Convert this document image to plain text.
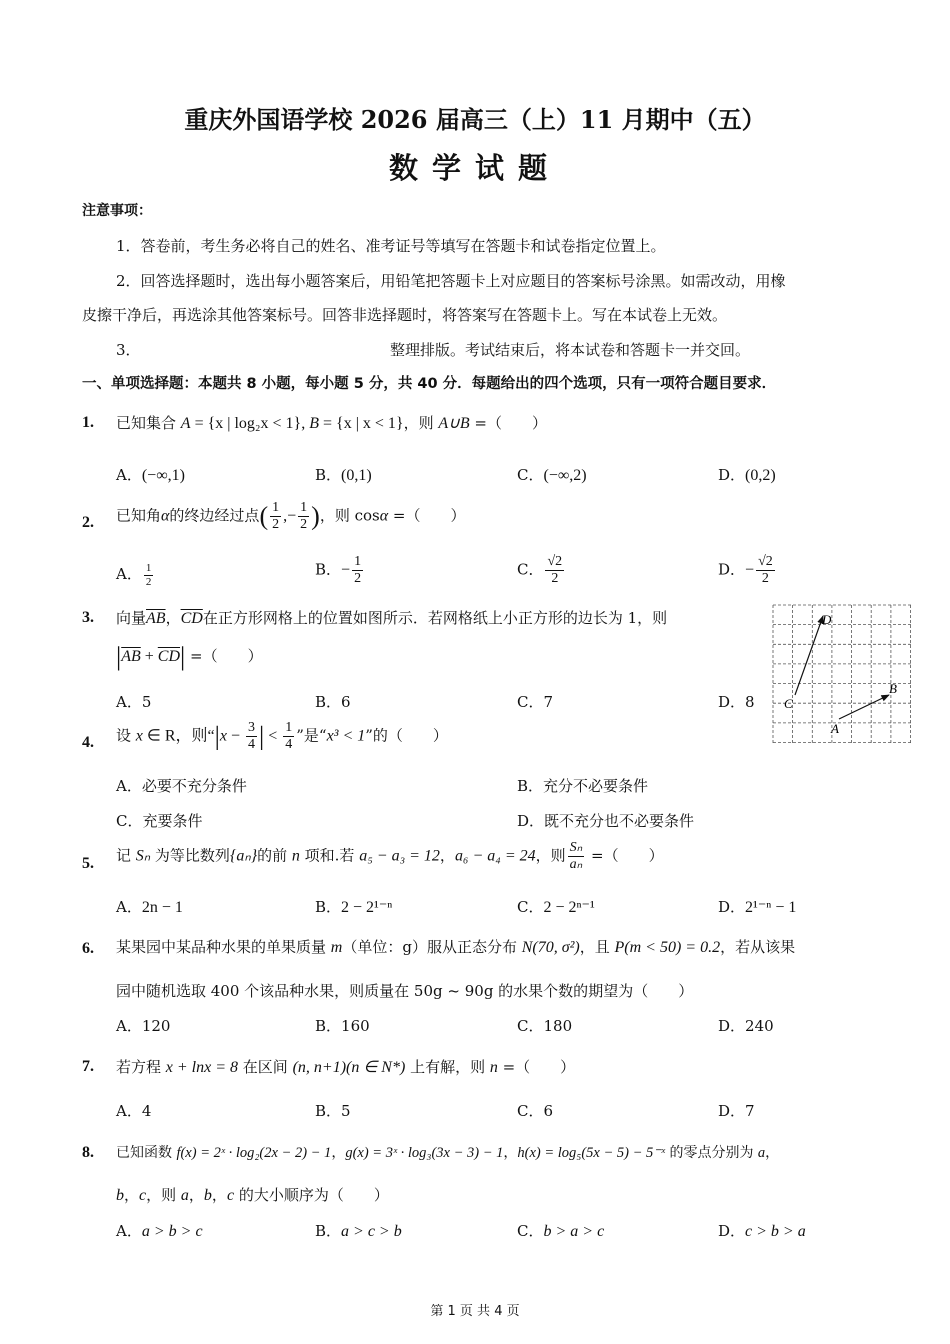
重庆外国语学校 2026 届高三（上）11 月期中（五）
数学试题
注意事项：
1．答卷前，考生务必将自己的姓名、准考证号等填写在答题卡和试卷指定位置上。
2．回答选择题时，选出每小题答案后，用铅笔把答题卡上对应题目的答案标号涂黑。如需改动，用橡
皮擦干净后，再选涂其他答案标号。回答非选择题时，将答案写在答题卡上。写在本试卷上无效。
3．	整理排版。考试结束后，将本试卷和答题卡一并交回。
一、单项选择题：本题共 8 小题，每小题 5 分，共 40 分．每题给出的四个选项，只有一项符合题目要求．
1. 已知集合 A = {x | log₂x < 1}, B = {x | x < 1}，则 A∪B =（　　）
A．(−∞,1)	B．(0,1)	C．(−∞,2)	D．(0,2)
2. 已知角α的终边经过点( $\frac{1}{2}$ ,− $\frac{1}{2}$ )，则 cosα =（　　）
A． $\frac{1}{2}$	B．− $\frac{1}{2}$	C． $\frac{√2}{2}$	D．− $\frac{√2}{2}$
3. 向量$\overline{AB}$，$\overline{CD}$在正方形网格上的位置如图所示．若网格纸上小正方形的边长为 1，则
$|\overline{AB} + \overline{CD}|$ =（　　）
A．5	B．6	C．7	D．8
D
B
C
A
4. 设 x ∈ R，则“$|x - \frac{3}{4}$ | < $\frac{1}{4}$ ”是“x³ < 1”的（　　）
A．必要不充分条件	B．充分不必要条件
C．充要条件	D．既不充分也不必要条件
5. 记 Sₙ 为等比数列{aₙ}的前 n 项和.若 a₅ − a₃ = 12，a₆ − a₄ = 24，则 $\frac{\text{Sₙ}}{\text{aₙ}}$ =（　　）
A．2n − 1	B．2 − 2¹⁻ⁿ	C．2 − 2ⁿ⁻¹	D．2¹⁻ⁿ − 1
6. 某果园中某品种水果的单果质量 m（单位：g）服从正态分布 N(70, σ²)，且 P(m < 50) = 0.2，若从该果
园中随机选取 400 个该品种水果，则质量在 50g ~ 90g 的水果个数的期望为（　　）
A．120	B．160	C．180	D．240
7. 若方程 x + lnx = 8 在区间 (n, n+1)(n ∈ N*) 上有解，则 n =（　　）
A．4	B．5	C．6	D．7
8. 已知函数 f(x) = 2ˣ · log₂(2x − 2) − 1，g(x) = 3ˣ · log₃(3x − 3) − 1，h(x) = log₅(5x − 5) − 5⁻ˣ 的零点分别为 a，
b，c，则 a，b，c 的大小顺序为（　　）
A．a > b > c	B．a > c > b	C．b > a > c	D．c > b > a
第 1 页 共 4 页
